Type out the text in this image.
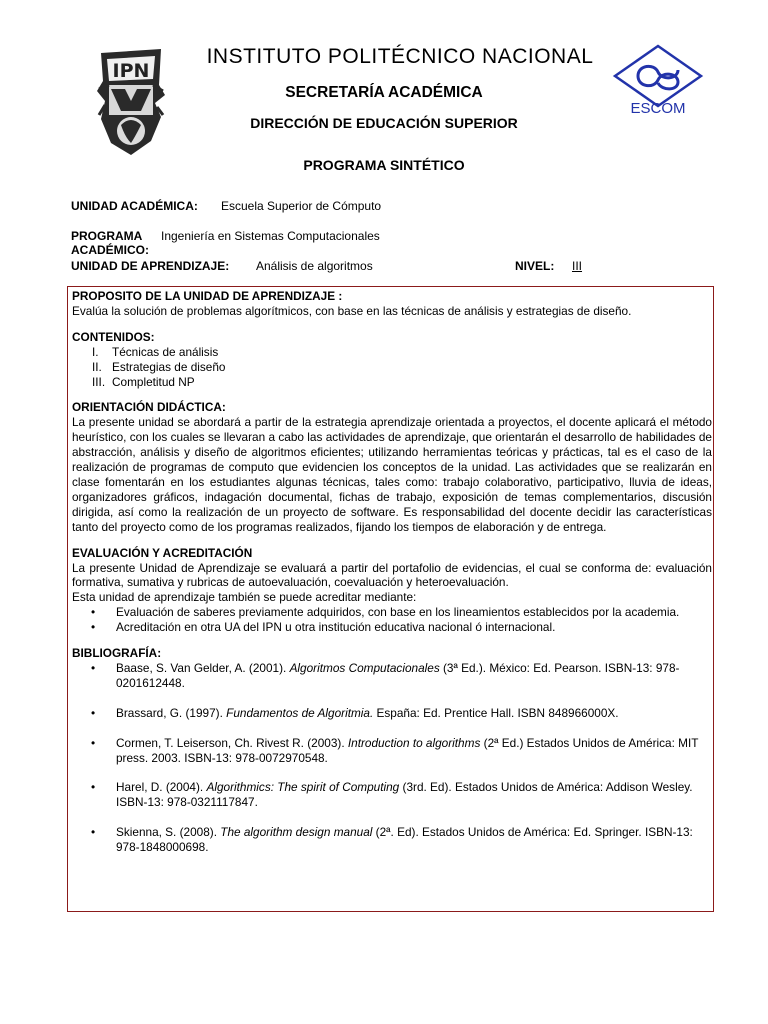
IPN
ESCOM
INSTITUTO POLITÉCNICO NACIONAL
SECRETARÍA ACADÉMICA
DIRECCIÓN DE EDUCACIÓN SUPERIOR
PROGRAMA SINTÉTICO
UNIDAD ACADÉMICA: Escuela Superior de Cómputo
PROGRAMA
ACADÉMICO:
Ingeniería en Sistemas Computacionales
UNIDAD DE APRENDIZAJE: Análisis de algoritmos	NIVEL: III

PROPOSITO DE LA UNIDAD DE APRENDIZAJE :

Evalúa la solución de problemas algorítmicos, con base en las técnicas de análisis y estrategias de diseño.

CONTENIDOS:

I. Técnicas de análisis
II. Estrategias de diseño
III. Completitud NP

ORIENTACIÓN DIDÁCTICA:

La presente unidad se abordará a partir de la estrategia aprendizaje orientada a proyectos, el docente aplicará el método heurístico, con los cuales se llevaran a cabo las actividades de aprendizaje, que orientarán el desarrollo de habilidades de abstracción, análisis y diseño de algoritmos eficientes; utilizando herramientas teóricas y prácticas, tal es el caso de la realización de programas de computo que evidencien los conceptos de la unidad. Las actividades que se realizarán en clase fomentarán en los estudiantes algunas técnicas, tales como: trabajo colaborativo, participativo, lluvia de ideas, organizadores gráficos, indagación documental, fichas de trabajo, exposición de temas complementarios, discusión dirigida, así como la realización de un proyecto de software. Es responsabilidad del docente decidir las características tanto del proyecto como de los programas realizados, fijando los tiempos de elaboración y de entrega.

EVALUACIÓN Y ACREDITACIÓN

La presente Unidad de Aprendizaje se evaluará a partir del portafolio de evidencias, el cual se conforma de: evaluación formativa, sumativa y rubricas de autoevaluación, coevaluación y heteroevaluación.

Esta unidad de aprendizaje también se puede acreditar mediante:

• Evaluación de saberes previamente adquiridos, con base en los lineamientos establecidos por la academia.
• Acreditación en otra UA del IPN u otra institución educativa nacional ó internacional.

BIBLIOGRAFÍA:

• Baase, S. Van Gelder, A. (2001). Algoritmos Computacionales (3ª Ed.). México: Ed. Pearson. ISBN-13: 978-0201612448.
• Brassard, G. (1997). Fundamentos de Algoritmia. España: Ed. Prentice Hall. ISBN 848966000X.
• Cormen, T. Leiserson, Ch. Rivest R. (2003). Introduction to algorithms (2ª Ed.) Estados Unidos de América: MIT press. 2003. ISBN-13: 978-0072970548.
• Harel, D. (2004). Algorithmics: The spirit of Computing (3rd. Ed). Estados Unidos de América: Addison Wesley. ISBN-13: 978-0321117847.
• Skienna, S. (2008). The algorithm design manual (2ª. Ed). Estados Unidos de América: Ed. Springer. ISBN-13: 978-1848000698.
